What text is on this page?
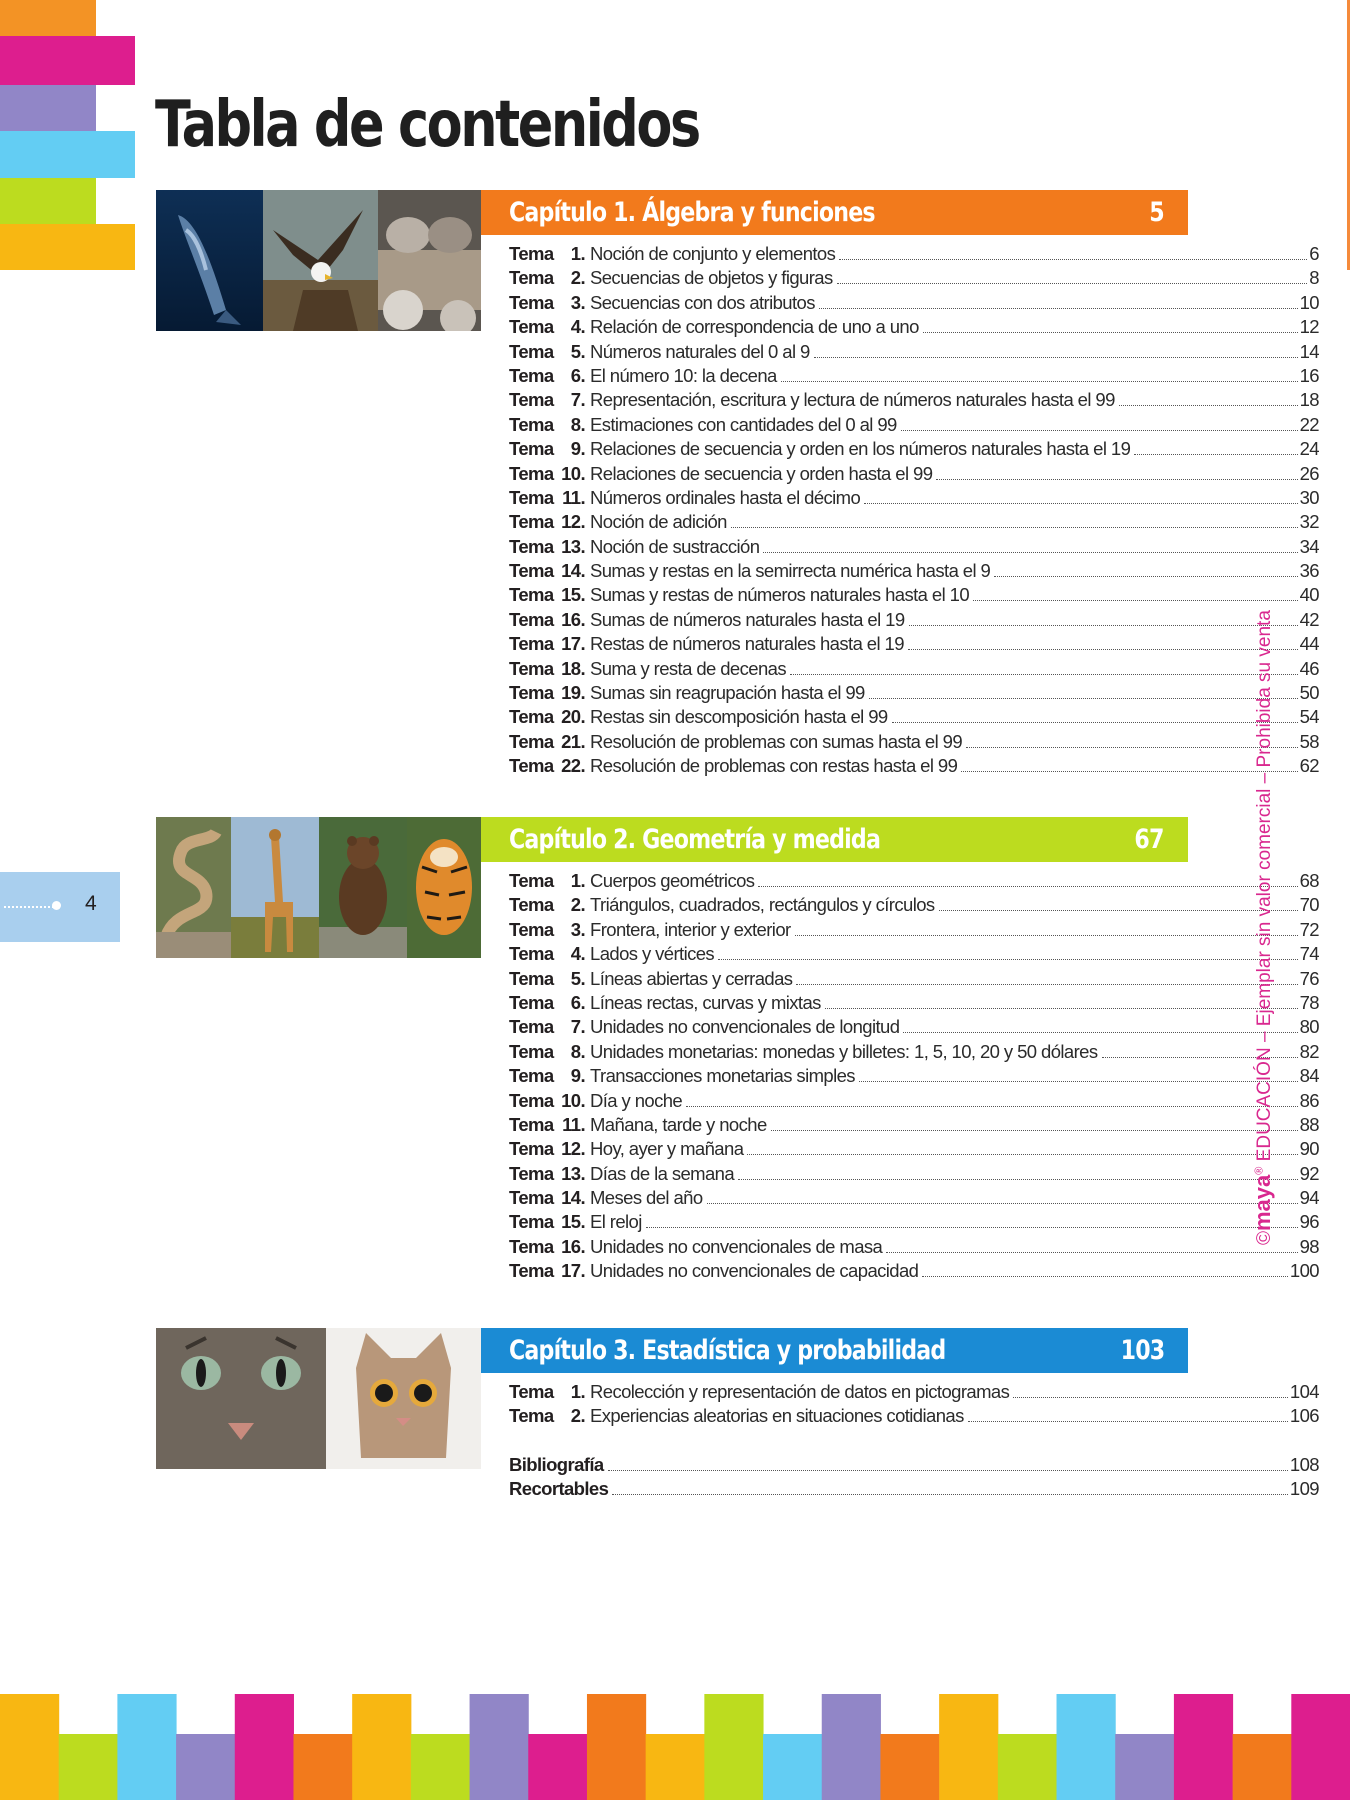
Tabla de contenidos
Capítulo 1. Álgebra y funciones	5
Tema 1. Noción de conjunto y elementos	6
Tema 2. Secuencias de objetos y figuras	8
Tema 3. Secuencias con dos atributos	10
Tema 4. Relación de correspondencia de uno a uno	12
Tema 5. Números naturales del 0 al 9	14
Tema 6. El número 10: la decena	16
Tema 7. Representación, escritura y lectura de números naturales hasta el 99	18
Tema 8. Estimaciones con cantidades del 0 al 99	22
Tema 9. Relaciones de secuencia y orden en los números naturales hasta el 19	24
Tema 10. Relaciones de secuencia y orden hasta el 99	26
Tema 11. Números ordinales hasta el décimo	30
Tema 12. Noción de adición	32
Tema 13. Noción de sustracción	34
Tema 14. Sumas y restas en la semirrecta numérica hasta el 9	36
Tema 15. Sumas y restas de números naturales hasta el 10	40
Tema 16. Sumas de números naturales hasta el 19	42
Tema 17. Restas de números naturales hasta el 19	44
Tema 18. Suma y resta de decenas	46
Tema 19. Sumas sin reagrupación hasta el 99	50
Tema 20. Restas sin descomposición hasta el 99	54
Tema 21. Resolución de problemas con sumas hasta el 99	58
Tema 22. Resolución de problemas con restas hasta el 99	62
Capítulo 2. Geometría y medida	67
Tema 1. Cuerpos geométricos	68
Tema 2. Triángulos, cuadrados, rectángulos y círculos	70
Tema 3. Frontera, interior y exterior	72
Tema 4. Lados y vértices	74
Tema 5. Líneas abiertas y cerradas	76
Tema 6. Líneas rectas, curvas y mixtas	78
Tema 7. Unidades no convencionales de longitud	80
Tema 8. Unidades monetarias: monedas y billetes: 1, 5, 10, 20 y 50 dólares	82
Tema 9. Transacciones monetarias simples	84
Tema 10. Día y noche	86
Tema 11. Mañana, tarde y noche	88
Tema 12. Hoy, ayer y mañana	90
Tema 13. Días de la semana	92
Tema 14. Meses del año	94
Tema 15. El reloj	96
Tema 16. Unidades no convencionales de masa	98
Tema 17. Unidades no convencionales de capacidad	100
Capítulo 3. Estadística y probabilidad	103
Tema 1. Recolección y representación de datos en pictogramas	104
Tema 2. Experiencias aleatorias en situaciones cotidianas	106
Bibliografía	108
Recortables	109
4
©maya® EDUCACIÓN – Ejemplar sin valor comercial – Prohibida su venta
